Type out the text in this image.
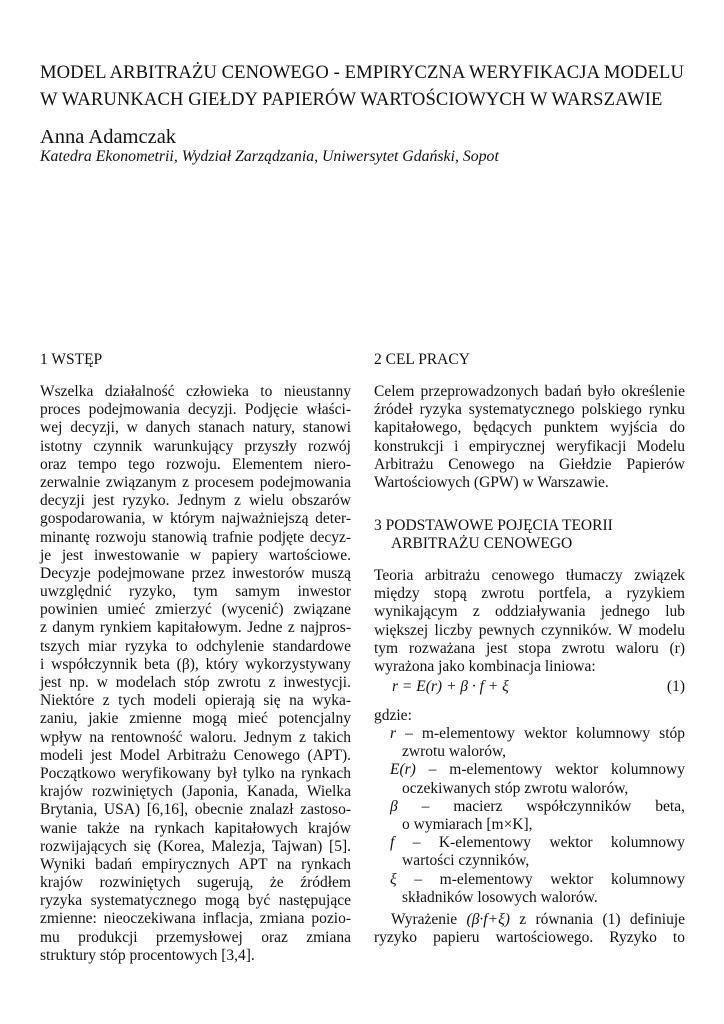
MODEL ARBITRAŻU CENOWEGO - EMPIRYCZNA WERYFIKACJA MODELU
W WARUNKACH GIEŁDY PAPIERÓW WARTOŚCIOWYCH W WARSZAWIE
Anna Adamczak
Katedra Ekonometrii, Wydział Zarządzania, Uniwersytet Gdański, Sopot
1 WSTĘP
Wszelka działalność człowieka to nieustanny
proces podejmowania decyzji. Podjęcie właści-
wej decyzji, w danych stanach natury, stanowi
istotny czynnik warunkujący przyszły rozwój
oraz tempo tego rozwoju. Elementem niero-
zerwalnie związanym z procesem podejmowania
decyzji jest ryzyko. Jednym z wielu obszarów
gospodarowania, w którym najważniejszą deter-
minantę rozwoju stanowią trafnie podjęte decyz-
je jest inwestowanie w papiery wartościowe.
Decyzje podejmowane przez inwestorów muszą
uwzględnić ryzyko, tym samym inwestor
powinien umieć zmierzyć (wycenić) związane
z danym rynkiem kapitałowym. Jedne z najpros-
tszych miar ryzyka to odchylenie standardowe
i współczynnik beta (β), który wykorzystywany
jest np. w modelach stóp zwrotu z inwestycji.
Niektóre z tych modeli opierają się na wyka-
zaniu, jakie zmienne mogą mieć potencjalny
wpływ na rentowność waloru. Jednym z takich
modeli jest Model Arbitrażu Cenowego (APT).
Początkowo weryfikowany był tylko na rynkach
krajów rozwiniętych (Japonia, Kanada, Wielka
Brytania, USA) [6,16], obecnie znalazł zastoso-
wanie także na rynkach kapitałowych krajów
rozwijających się (Korea, Malezja, Tajwan) [5].
Wyniki badań empirycznych APT na rynkach
krajów rozwiniętych sugerują, że źródłem
ryzyka systematycznego mogą być następujące
zmienne: nieoczekiwana inflacja, zmiana pozio-
mu produkcji przemysłowej oraz zmiana
struktury stóp procentowych [3,4].
2 CEL PRACY
Celem przeprowadzonych badań było określenie
źródeł ryzyka systematycznego polskiego rynku
kapitałowego, będących punktem wyjścia do
konstrukcji i empirycznej weryfikacji Modelu
Arbitrażu Cenowego na Giełdzie Papierów
Wartościowych (GPW) w Warszawie.
3 PODSTAWOWE POJĘCIA TEORII
ARBITRAŻU CENOWEGO
Teoria arbitrażu cenowego tłumaczy związek
między stopą zwrotu portfela, a ryzykiem
wynikającym z oddziaływania jednego lub
większej liczby pewnych czynników. W modelu
tym rozważana jest stopa zwrotu waloru (r)
wyrażona jako kombinacja liniowa:
r = E(r) + β · f + ξ	(1)
gdzie:
r – m-elementowy wektor kolumnowy stóp
zwrotu walorów,
E(r) – m-elementowy wektor kolumnowy
oczekiwanych stóp zwrotu walorów,
β – macierz współczynników beta,
o wymiarach [m×K],
f – K-elementowy wektor kolumnowy
wartości czynników,
ξ – m-elementowy wektor kolumnowy
składników losowych walorów.
Wyrażenie (β·f+ξ) z równania (1) definiuje
ryzyko papieru wartościowego. Ryzyko to
